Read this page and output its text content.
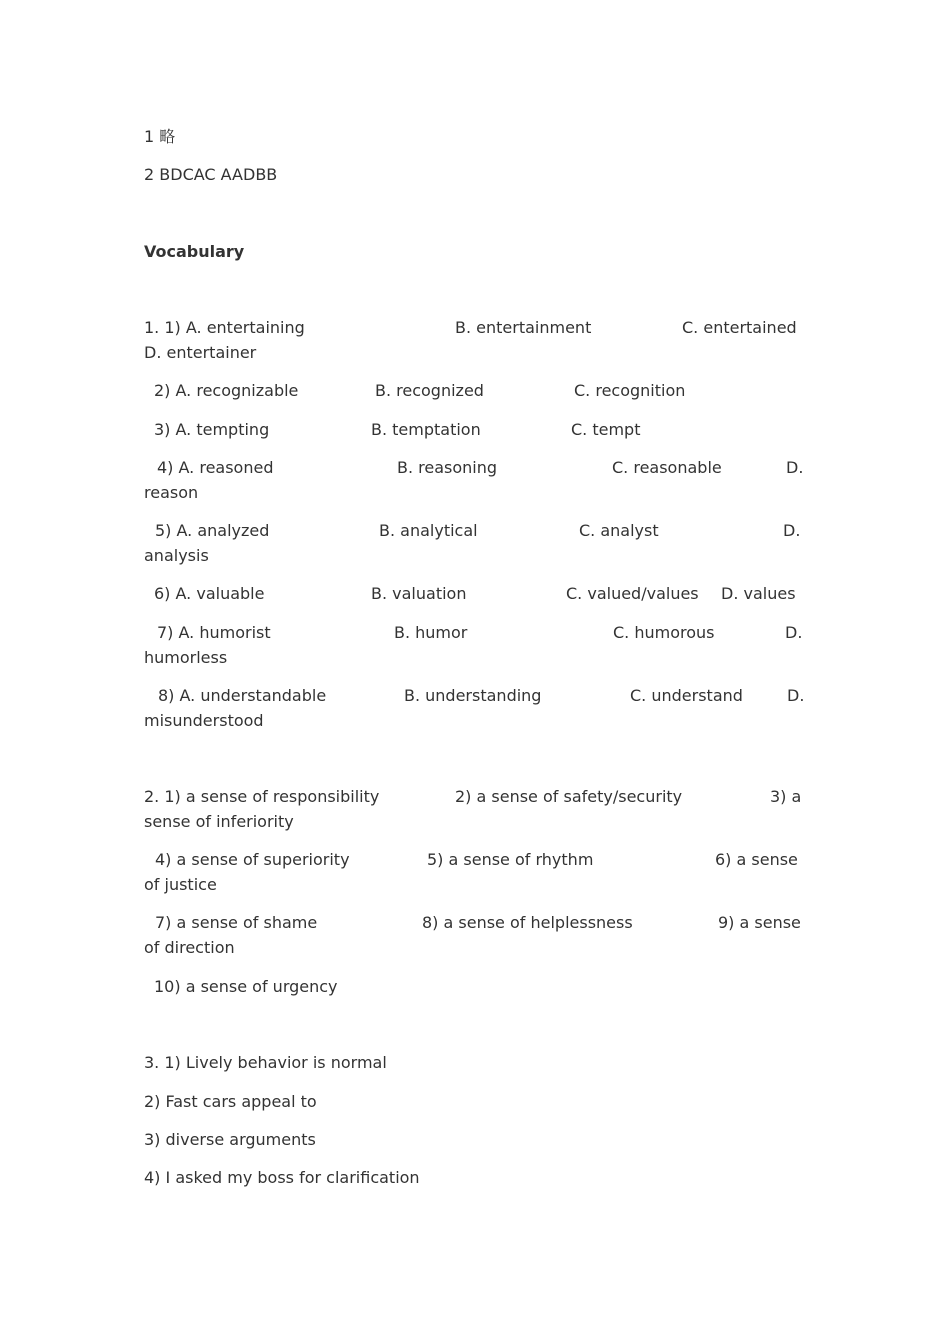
1 略
2 BDCAC AADBB
Vocabulary
1. 1) A. entertaining	B. entertainment	C. entertained
D. entertainer
2) A. recognizable	B. recognized	C. recognition
3) A. tempting	B. temptation	C. tempt
4) A. reasoned	B. reasoning	C. reasonable	D.
reason
5) A. analyzed	B. analytical	C. analyst	D.
analysis
6) A. valuable	B. valuation	C. valued/values D. values
7) A. humorist	B. humor	C. humorous	D.
humorless
8) A. understandable	B. understanding	C. understand	D.
misunderstood
2. 1) a sense of responsibility	2) a sense of safety/security	3) a
sense of inferiority
4) a sense of superiority	5) a sense of rhythm	6) a sense
of justice
7) a sense of shame	8) a sense of helplessness	9) a sense
of direction
10) a sense of urgency
3. 1) Lively behavior is normal
2) Fast cars appeal to
3) diverse arguments
4) I asked my boss for clarification
